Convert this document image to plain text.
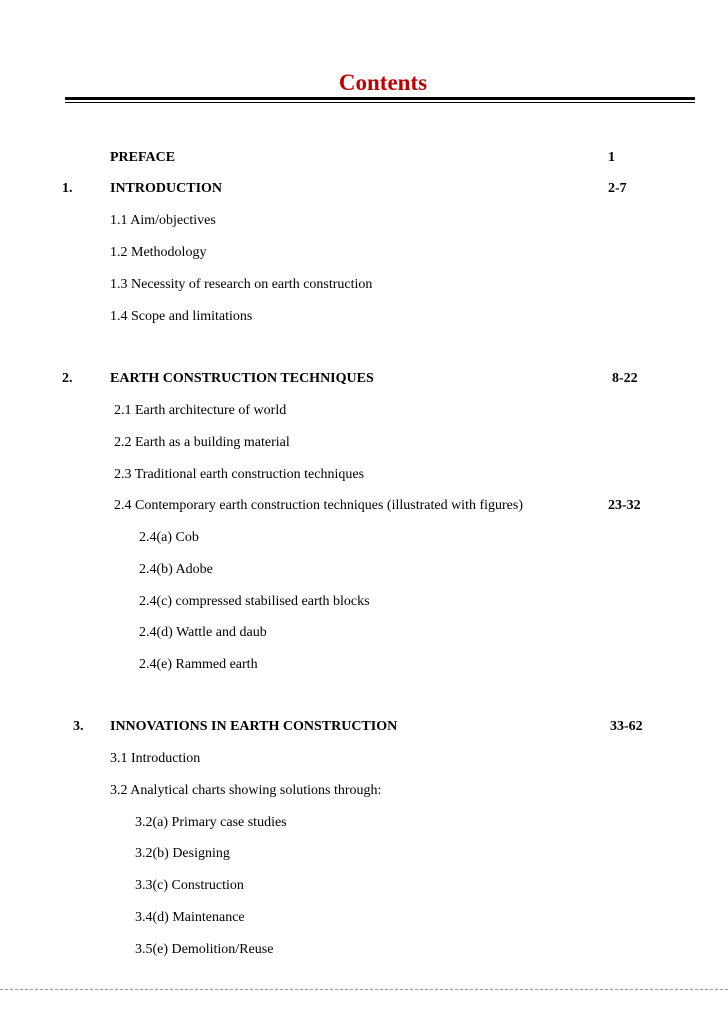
Contents
PREFACE	1
1.	INTRODUCTION	2-7
1.1 Aim/objectives
1.2 Methodology
1.3 Necessity of research on earth construction
1.4 Scope and limitations
2.	EARTH CONSTRUCTION TECHNIQUES	8-22
2.1 Earth architecture of world
2.2 Earth as a building material
2.3 Traditional earth construction techniques
2.4 Contemporary earth construction techniques (illustrated with figures)	23-32
2.4(a) Cob
2.4(b) Adobe
2.4(c) compressed stabilised earth blocks
2.4(d) Wattle and daub
2.4(e) Rammed earth
3. INNOVATIONS IN EARTH CONSTRUCTION	33-62
3.1 Introduction
3.2 Analytical charts showing solutions through:
3.2(a) Primary case studies
3.2(b) Designing
3.3(c) Construction
3.4(d) Maintenance
3.5(e) Demolition/Reuse
